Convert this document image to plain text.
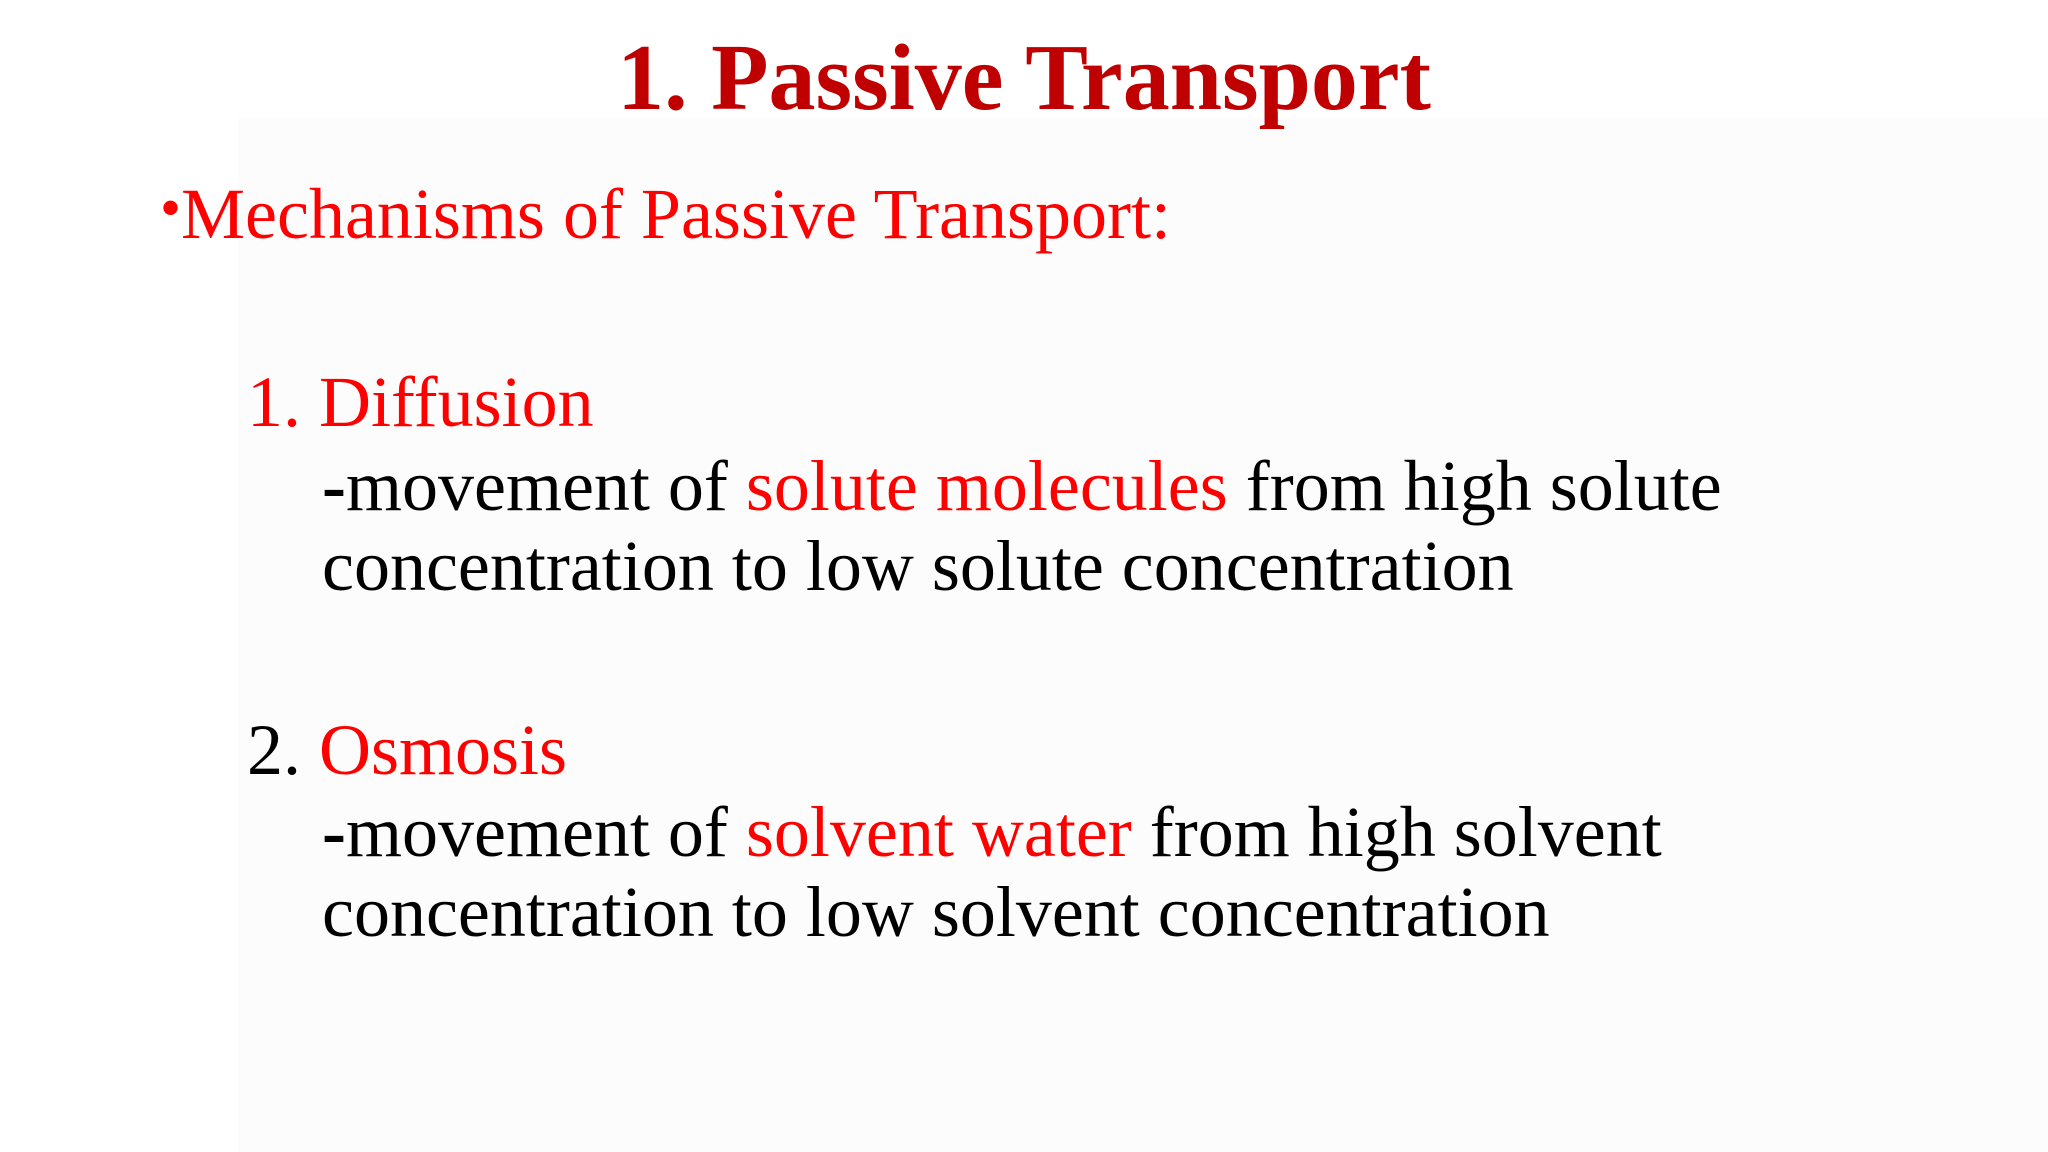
1. Passive Transport
•Mechanisms of Passive Transport:
1. Diffusion
-movement of solute molecules from high solute
concentration to low solute concentration
2. Osmosis
-movement of solvent water from high solvent
concentration to low solvent concentration
